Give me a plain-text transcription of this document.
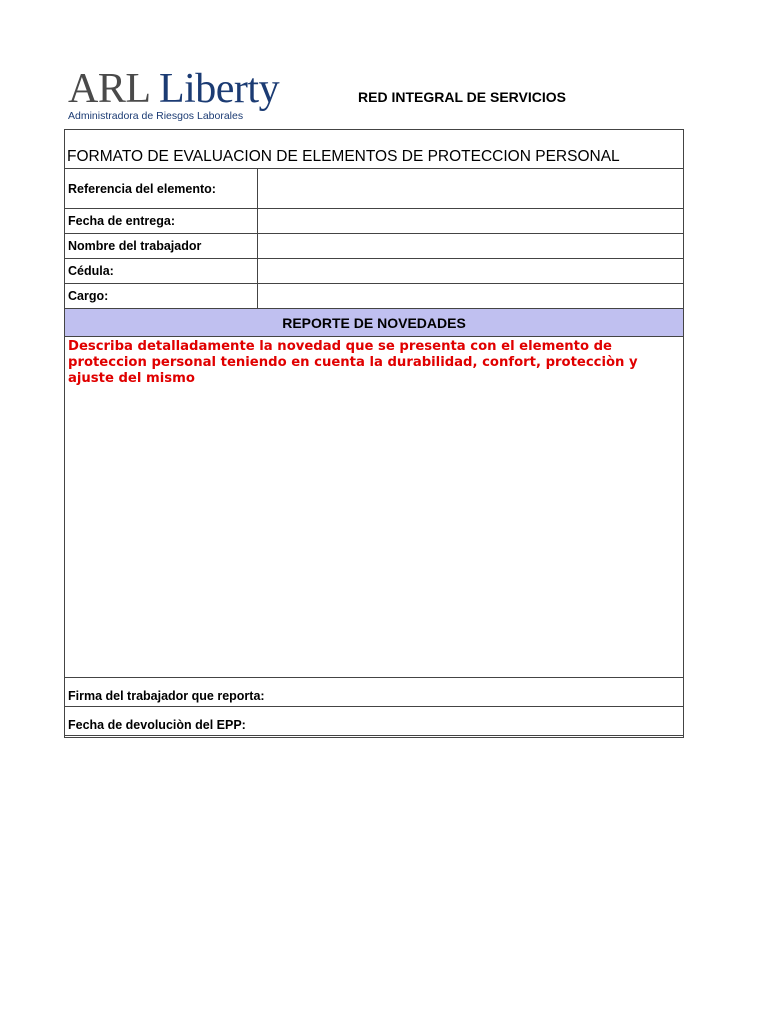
ARL Liberty
Administradora de Riesgos Laborales
RED INTEGRAL DE SERVICIOS
FORMATO DE EVALUACION DE ELEMENTOS DE PROTECCION PERSONAL
Referencia del elemento:
Fecha de entrega:
Nombre del trabajador
Cédula:
Cargo:
REPORTE DE NOVEDADES
Describa detalladamente la novedad que se presenta con el elemento de proteccion personal teniendo en cuenta la durabilidad, confort, protecciòn y ajuste del mismo
Firma del trabajador que reporta:
Fecha de devoluciòn del EPP:
